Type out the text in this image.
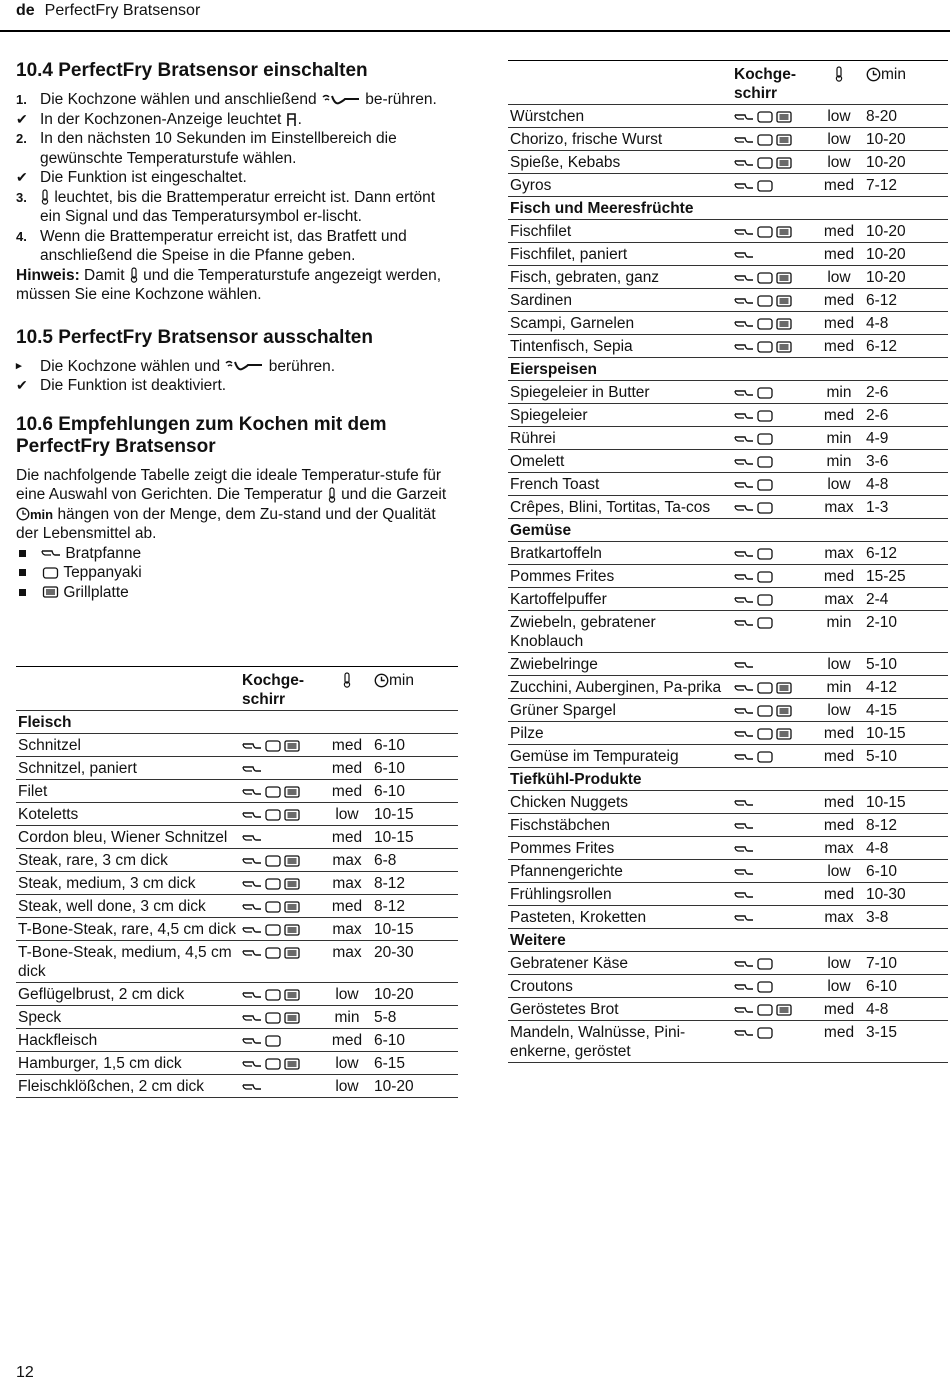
de PerfectFry Bratsensor
10.4 PerfectFry Bratsensor einschalten
1. Die Kochzone wählen und anschließend	be-rühren.
✔ In der Kochzonen-Anzeige leuchtet .
2. In den nächsten 10 Sekunden im Einstellbereich die gewünschte Temperaturstufe wählen.
✔ Die Funktion ist eingeschaltet.
3.	leuchtet, bis die Brattemperatur erreicht ist. Dann ertönt ein Signal und das Temperatursymbol er-lischt.
4. Wenn die Brattemperatur erreicht ist, das Bratfett und anschließend die Speise in die Pfanne geben.

Hinweis: Damit und die Temperaturstufe angezeigt werden, müssen Sie eine Kochzone wählen.

10.5 PerfectFry Bratsensor ausschalten
▸	Die Kochzone wählen und	berühren.
✔ Die Funktion ist deaktiviert.
10.6 Empfehlungen zum Kochen mit dem PerfectFry Bratsensor

Die nachfolgende Tabelle zeigt die ideale Temperatur-stufe für eine Auswahl von Gerichten. Die Temperatur und die Garzeit min hängen von der Menge, dem Zu-stand und der Qualität der Lebensmittel ab.

Bratpfanne

Teppanyaki

Grillplatte
	Kochge-schirr		min
Fleisch			
Schnitzel		med	6-10
Schnitzel, paniert		med	6-10
Filet		med	6-10
Koteletts		low	10-15
Cordon bleu, Wiener Schnitzel		med	10-15
Steak, rare, 3 cm dick		max	6-8
Steak, medium, 3 cm dick		max	8-12
Steak, well done, 3 cm dick		med	8-12
T-Bone-Steak, rare, 4,5 cm dick		max	10-15
T-Bone-Steak, medium, 4,5 cm dick		max	20-30
Geflügelbrust, 2 cm dick		low	10-20
Speck		min	5-8
Hackfleisch		med	6-10
Hamburger, 1,5 cm dick		low	6-15
Fleischklößchen, 2 cm dick		low	10-20
	Kochge-schirr		min
Würstchen		low	8-20
Chorizo, frische Wurst		low	10-20
Spieße, Kebabs		low	10-20
Gyros		med	7-12
Fisch und Meeresfrüchte			
Fischfilet		med	10-20
Fischfilet, paniert		med	10-20
Fisch, gebraten, ganz		low	10-20
Sardinen		med	6-12
Scampi, Garnelen		med	4-8
Tintenfisch, Sepia		med	6-12
Eierspeisen			
Spiegeleier in Butter		min	2-6
Spiegeleier		med	2-6
Rührei		min	4-9
Omelett		min	3-6
French Toast		low	4-8
Crêpes, Blini, Tortitas, Ta-cos		max	1-3
Gemüse			
Bratkartoffeln		max	6-12
Pommes Frites		med	15-25
Kartoffelpuffer		max	2-4
Zwiebeln, gebratener Knoblauch		min	2-10
Zwiebelringe		low	5-10
Zucchini, Auberginen, Pa-prika		min	4-12
Grüner Spargel		low	4-15
Pilze		med	10-15
Gemüse im Tempurateig		med	5-10
Tiefkühl-Produkte			
Chicken Nuggets		med	10-15
Fischstäbchen		med	8-12
Pommes Frites		max	4-8
Pfannengerichte		low	6-10
Frühlingsrollen		med	10-30
Pasteten, Kroketten		max	3-8
Weitere			
Gebratener Käse		low	7-10
Croutons		low	6-10
Geröstetes Brot		med	4-8
Mandeln, Walnüsse, Pini-enkerne, geröstet		med	3-15
12
